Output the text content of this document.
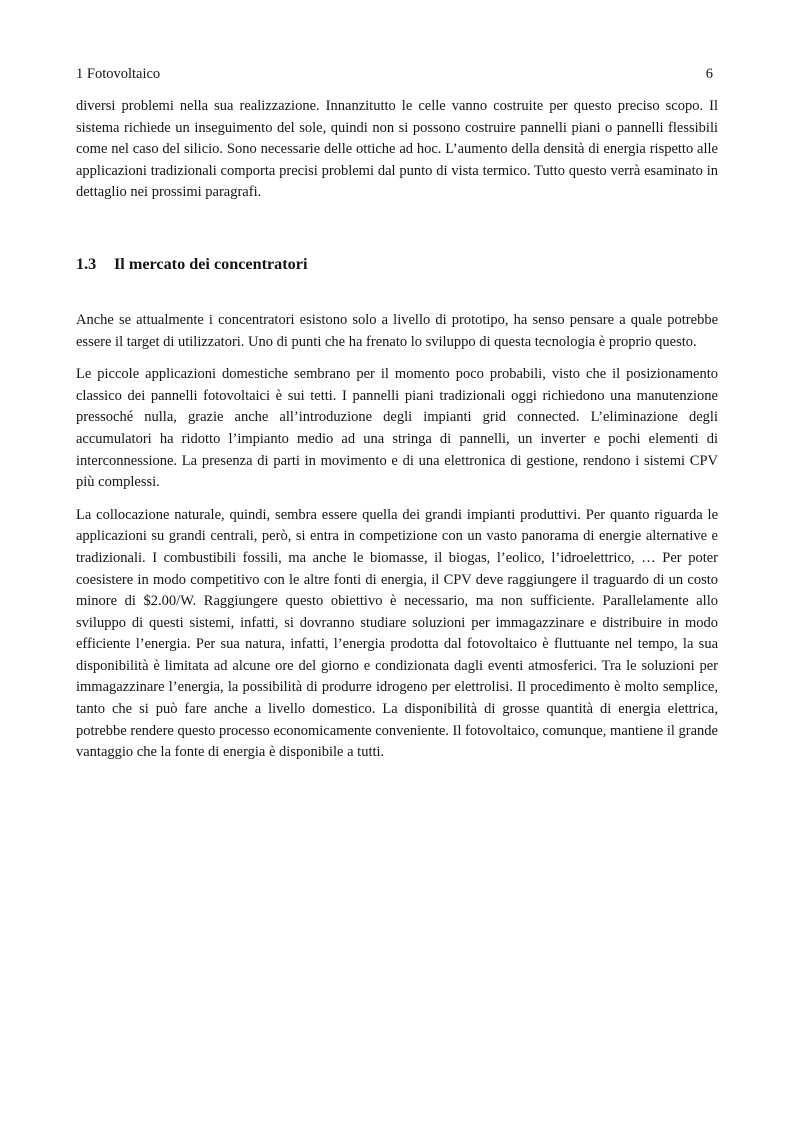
1 Fotovoltaico	6

diversi problemi nella sua realizzazione. Innanzitutto le celle vanno costruite per questo preciso scopo. Il sistema richiede un inseguimento del sole, quindi non si possono costruire pannelli piani o pannelli flessibili come nel caso del silicio. Sono necessarie delle ottiche ad hoc. L’aumento della densità di energia rispetto alle applicazioni tradizionali comporta precisi problemi dal punto di vista termico. Tutto questo verrà esaminato in dettaglio nei prossimi paragrafi.

1.3	Il mercato dei concentratori

Anche se attualmente i concentratori esistono solo a livello di prototipo, ha senso pensare a quale potrebbe essere il target di utilizzatori. Uno di punti che ha frenato lo sviluppo di questa tecnologia è proprio questo.

Le piccole applicazioni domestiche sembrano per il momento poco probabili, visto che il posizionamento classico dei pannelli fotovoltaici è sui tetti. I pannelli piani tradizionali oggi richiedono una manutenzione pressoché nulla, grazie anche all’introduzione degli impianti grid connected. L’eliminazione degli accumulatori ha ridotto l’impianto medio ad una stringa di pannelli, un inverter e pochi elementi di interconnessione. La presenza di parti in movimento e di una elettronica di gestione, rendono i sistemi CPV più complessi.

La collocazione naturale, quindi, sembra essere quella dei grandi impianti produttivi. Per quanto riguarda le applicazioni su grandi centrali, però, si entra in competizione con un vasto panorama di energie alternative e tradizionali. I combustibili fossili, ma anche le biomasse, il biogas, l’eolico, l’idroelettrico, … Per poter coesistere in modo competitivo con le altre fonti di energia, il CPV deve raggiungere il traguardo di un costo minore di $2.00/W. Raggiungere questo obiettivo è necessario, ma non sufficiente. Parallelamente allo sviluppo di questi sistemi, infatti, si dovranno studiare soluzioni per immagazzinare e distribuire in modo efficiente l’energia. Per sua natura, infatti, l’energia prodotta dal fotovoltaico è fluttuante nel tempo, la sua disponibilità è limitata ad alcune ore del giorno e condizionata dagli eventi atmosferici. Tra le soluzioni per immagazzinare l’energia, la possibilità di produrre idrogeno per elettrolisi. Il procedimento è molto semplice, tanto che si può fare anche a livello domestico. La disponibilità di grosse quantità di energia elettrica, potrebbe rendere questo processo economicamente conveniente. Il fotovoltaico, comunque, mantiene il grande vantaggio che la fonte di energia è disponibile a tutti.
